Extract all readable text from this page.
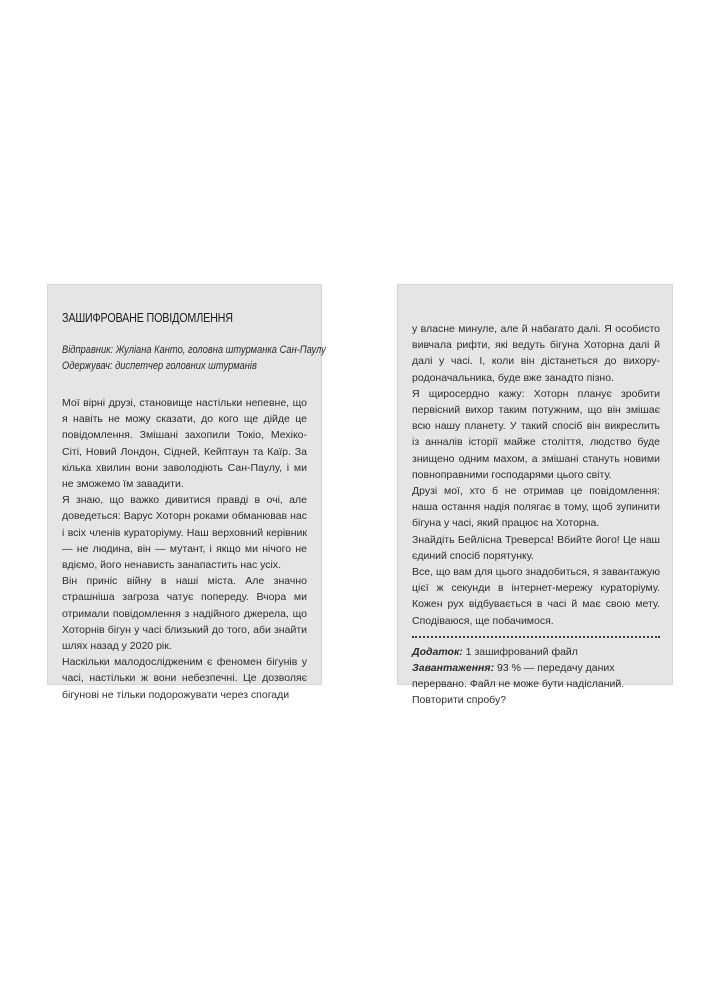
ЗАШИФРОВАНЕ ПОВІДОМЛЕННЯ
Відправник: Жуліана Канто, головна штурманка Сан-Паулу
Одержувач: диспетчер головних штурманів

Мої вірні друзі, становище настільки непевне, що я навіть не можу сказати, до кого ще дійде це повідомлення. Змішані захопили Токіо, Мехіко-Сіті, Новий Лондон, Сідней, Кейптаун та Каїр. За кілька хвилин вони заволодіють Сан-Паулу, і ми не зможемо їм завадити.

Я знаю, що важко дивитися правді в очі, але доведеться: Варус Хоторн роками обманював нас і всіх членів кураторіуму. Наш верховний керівник — не людина, він — мутант, і якщо ми нічого не вдіємо, його ненависть занапастить нас усіх.

Він приніс війну в наші міста. Але значно страшніша загроза чатує попереду. Вчора ми отримали повідомлення з надійного джерела, що Хоторнів бігун у часі близький до того, аби знайти шлях назад у 2020 рік.

Наскільки малодослідженим є феномен бігунів у часі, настільки ж вони небезпечні. Це дозволяє бігунові не тільки подорожувати через спогади

у власне минуле, але й набагато далі. Я особисто вивчала рифти, які ведуть бігуна Хоторна далі й далі у часі. І, коли він дістанеться до вихору-родоначальника, буде вже занадто пізно.

Я щиросердно кажу: Хоторн планує зробити первісний вихор таким потужним, що він змішає всю нашу планету. У такий спосіб він викреслить із анналів історії майже століття, людство буде знищено одним махом, а змішані стануть новими повноправними господарями цього світу.

Друзі мої, хто б не отримав це повідомлення: наша остання надія полягає в тому, щоб зупинити бігуна у часі, який працює на Хоторна.

Знайдіть Бейлісна Треверса! Вбийте його! Це наш єдиний спосіб порятунку.

Все, що вам для цього знадобиться, я завантажую цієї ж секунди в інтернет-мережу кураторіуму. Кожен рух відбувається в часі й має свою мету. Сподіваюся, ще побачимося.

Додаток: 1 зашифрований файл
Завантаження: 93 % — передачу даних перервано. Файл не може бути надісланий. Повторити спробу?
